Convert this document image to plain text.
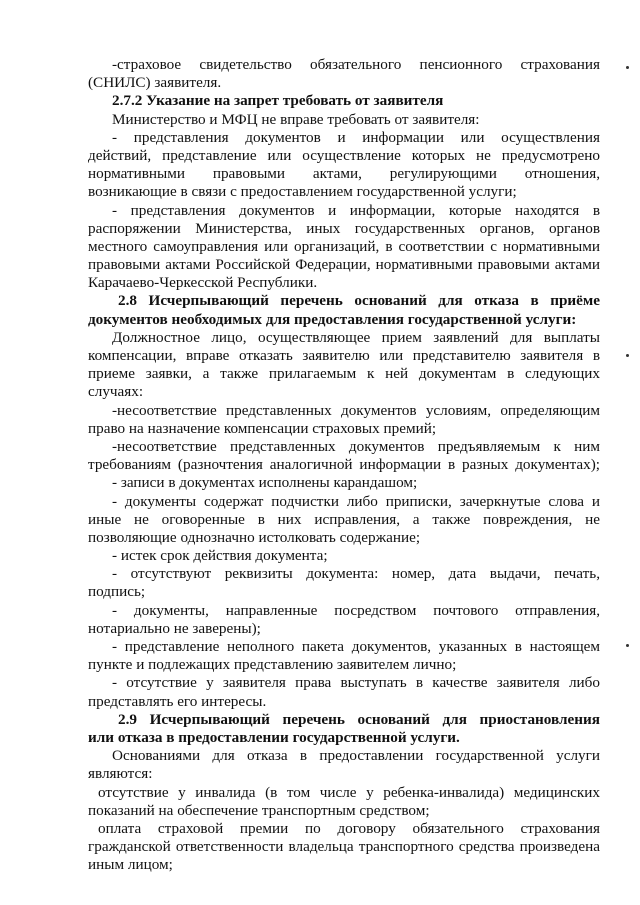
-страховое свидетельство обязательного пенсионного страхования
(СНИЛС) заявителя.
2.7.2 Указание на запрет требовать от заявителя
Министерство и МФЦ не вправе требовать от заявителя:
- представления документов и информации или осуществления
действий, представление или осуществление которых не предусмотрено
нормативными правовыми актами, регулирующими отношения,
возникающие в связи с предоставлением государственной услуги;
- представления документов и информации, которые находятся в
распоряжении Министерства, иных государственных органов, органов
местного самоуправления или организаций, в соответствии с нормативными
правовыми актами Российской Федерации, нормативными правовыми актами
Карачаево-Черкесской Республики.
2.8 Исчерпывающий перечень оснований для отказа в приёме
документов необходимых для предоставления государственной услуги:
Должностное лицо, осуществляющее прием заявлений для выплаты
компенсации, вправе отказать заявителю или представителю заявителя в
приеме заявки, а также прилагаемым к ней документам в следующих
случаях:
-несоответствие представленных документов условиям, определяющим
право на назначение компенсации страховых премий;
-несоответствие представленных документов предъявляемым к ним
требованиям (разночтения аналогичной информации в разных документах);
- записи в документах исполнены карандашом;
- документы содержат подчистки либо приписки, зачеркнутые слова и
иные не оговоренные в них исправления, а также повреждения, не
позволяющие однозначно истолковать содержание;
- истек срок действия документа;
- отсутствуют реквизиты документа: номер, дата выдачи, печать,
подпись;
- документы, направленные посредством почтового отправления,
нотариально не заверены);
- представление неполного пакета документов, указанных в настоящем
пункте и подлежащих представлению заявителем лично;
- отсутствие у заявителя права выступать в качестве заявителя либо
представлять его интересы.
2.9 Исчерпывающий перечень оснований для приостановления
или отказа в предоставлении государственной услуги.
Основаниями для отказа в предоставлении государственной услуги
являются:
отсутствие у инвалида (в том числе у ребенка-инвалида) медицинских
показаний на обеспечение транспортным средством;
оплата страховой премии по договору обязательного страхования
гражданской ответственности владельца транспортного средства произведена
иным лицом;
